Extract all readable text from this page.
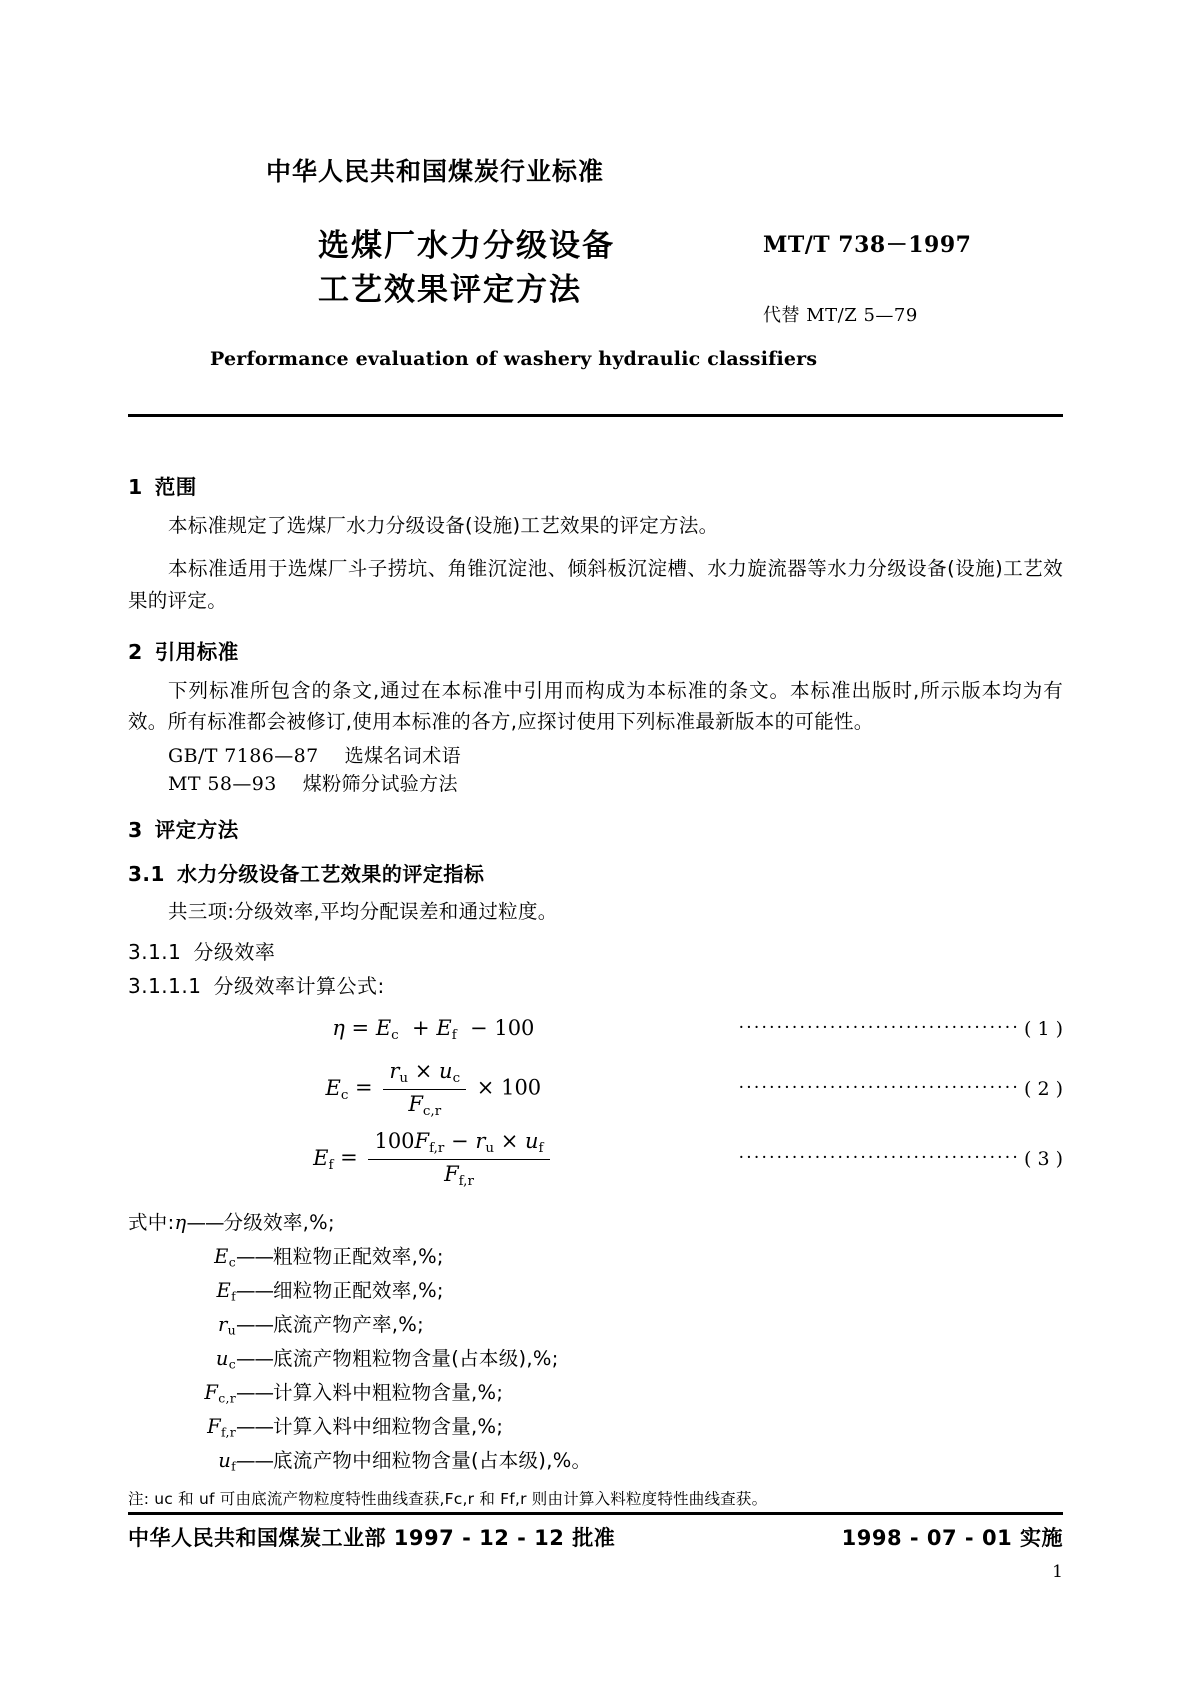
中华人民共和国煤炭行业标准
选煤厂水力分级设备
工艺效果评定方法
MT/T 738－1997
代替 MT/Z 5—79
Performance evaluation of washery hydraulic classifiers
1 范围

本标准规定了选煤厂水力分级设备(设施)工艺效果的评定方法。

本标准适用于选煤厂斗子捞坑、角锥沉淀池、倾斜板沉淀槽、水力旋流器等水力分级设备(设施)工艺效果的评定。

2 引用标准

下列标准所包含的条文,通过在本标准中引用而构成为本标准的条文。本标准出版时,所示版本均为有效。所有标准都会被修订,使用本标准的各方,应探讨使用下列标准最新版本的可能性。

GB/T 7186—87 选煤名词术语
MT 58—93 煤粉筛分试验方法
3 评定方法
3.1 水力分级设备工艺效果的评定指标

共三项:分级效率,平均分配误差和通过粒度。

3.1.1 分级效率
3.1.1.1 分级效率计算公式:
$\eta = E_c + E_f - 100$	····································· ( 1 )
$E_c = \frac{r_u \times u_c}{F_{c,r}} \times 100$	····································· ( 2 )
$E_f = \frac{100F_{f,r} - r_u \times u_f}{F_{f,r}}$	····································· ( 3 )
式中:η——分级效率,%;
$E_c——$粗粒物正配效率,%;
$E_f——$细粒物正配效率,%;
$r_u——$底流产物产率,%;
$u_c——$底流产物粗粒物含量(占本级),%;
$F_{c,r}——$计算入料中粗粒物含量,%;
$F_{f,r}——$计算入料中细粒物含量,%;
$u_f——$底流产物中细粒物含量(占本级),%。
注: uc 和 uf 可由底流产物粒度特性曲线查获,Fc,r 和 Ff,r 则由计算入料粒度特性曲线查获。
中华人民共和国煤炭工业部 1997 - 12 - 12 批准	1998 - 07 - 01 实施
1
